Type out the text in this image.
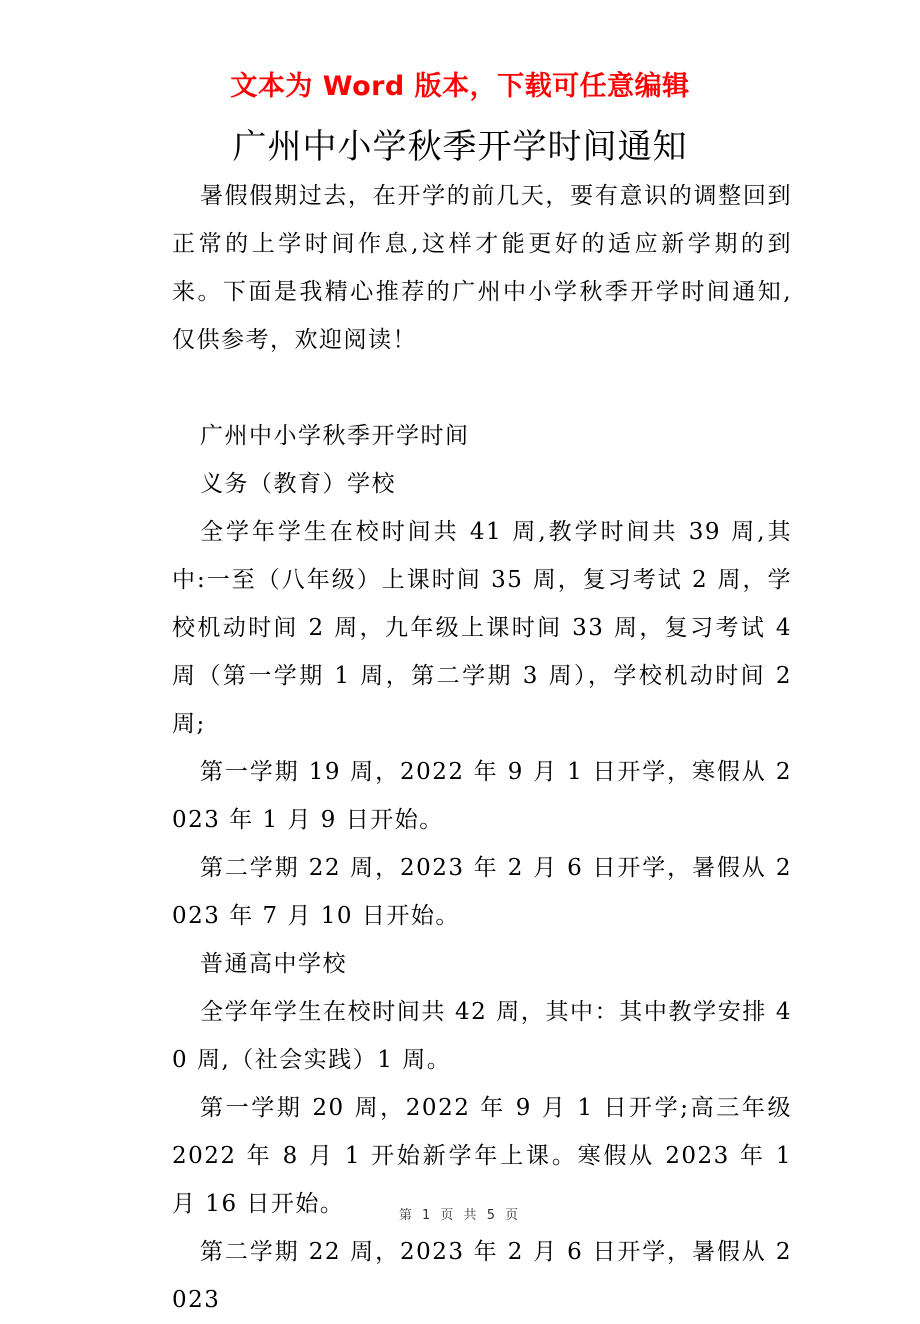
文本为 Word 版本，下载可任意编辑
广州中小学秋季开学时间通知

暑假假期过去，在开学的前几天，要有意识的调整回到正常的上学时间作息,这样才能更好的适应新学期的到来。下面是我精心推荐的广州中小学秋季开学时间通知,仅供参考，欢迎阅读！

广州中小学秋季开学时间

义务（教育）学校

全学年学生在校时间共 41 周,教学时间共 39 周,其中:一至（八年级）上课时间 35 周，复习考试 2 周，学校机动时间 2 周，九年级上课时间 33 周，复习考试 4 周（第一学期 1 周，第二学期 3 周），学校机动时间 2 周;

第一学期 19 周，2022 年 9 月 1 日开学，寒假从 2023 年 1 月 9 日开始。

第二学期 22 周，2023 年 2 月 6 日开学，暑假从 2023 年 7 月 10 日开始。

普通高中学校

全学年学生在校时间共 42 周，其中：其中教学安排 40 周,（社会实践）1 周。

第一学期 20 周，2022 年 9 月 1 日开学;高三年级 2022 年 8 月 1 开始新学年上课。寒假从 2023 年 1 月 16 日开始。

第二学期 22 周，2023 年 2 月 6 日开学，暑假从 2023

第 1 页 共 5 页
